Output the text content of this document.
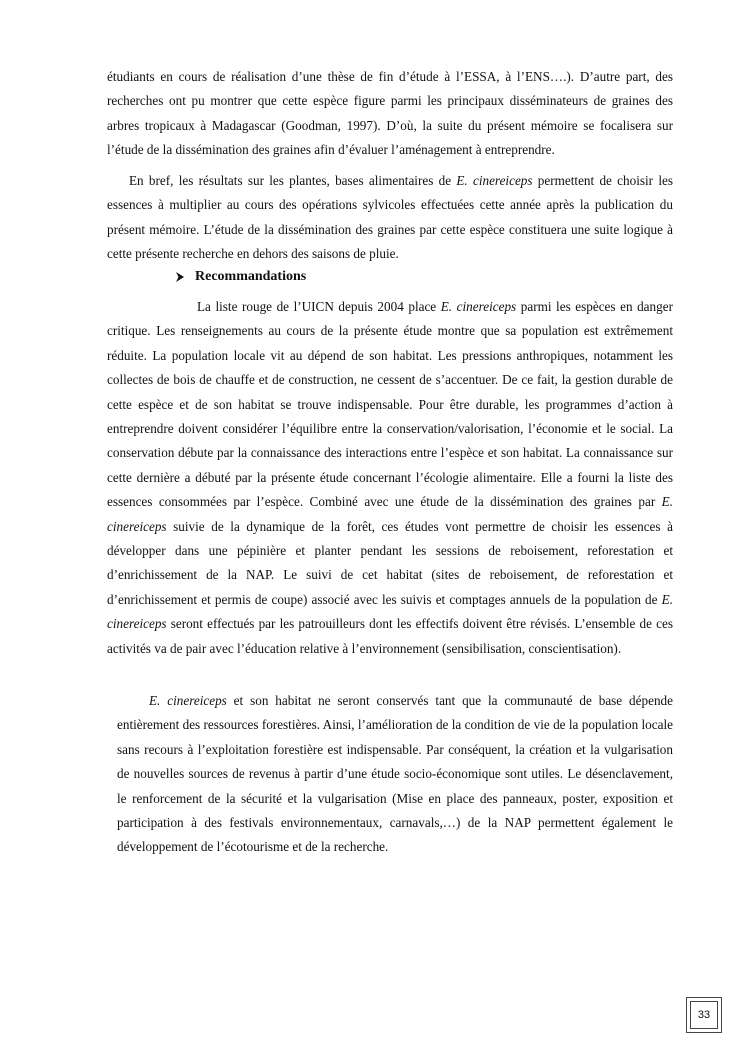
étudiants en cours de réalisation d’une thèse de fin d’étude à l’ESSA, à l’ENS….). D’autre part, des recherches ont pu montrer que cette espèce figure parmi les principaux disséminateurs de graines des arbres tropicaux à Madagascar (Goodman, 1997). D’où, la suite du présent mémoire se focalisera sur l’étude de la dissémination des graines afin d’évaluer l’aménagement à entreprendre.

En bref, les résultats sur les plantes, bases alimentaires de E. cinereiceps permettent de choisir les essences à multiplier au cours des opérations sylvicoles effectuées cette année après la publication du présent mémoire. L’étude de la dissémination des graines par cette espèce constituera une suite logique à cette présente recherche en dehors des saisons de pluie.

Recommandations

La liste rouge de l’UICN depuis 2004 place E. cinereiceps parmi les espèces en danger critique. Les renseignements au cours de la présente étude montre que sa population est extrêmement réduite. La population locale vit au dépend de son habitat. Les pressions anthropiques, notamment les collectes de bois de chauffe et de construction, ne cessent de s’accentuer. De ce fait, la gestion durable de cette espèce et de son habitat se trouve indispensable. Pour être durable, les programmes d’action à entreprendre doivent considérer l’équilibre entre la conservation/valorisation, l’économie et le social. La conservation débute par la connaissance des interactions entre l’espèce et son habitat. La connaissance sur cette dernière a débuté par la présente étude concernant l’écologie alimentaire. Elle a fourni la liste des essences consommées par l’espèce. Combiné avec une étude de la dissémination des graines par E. cinereiceps suivie de la dynamique de la forêt, ces études vont permettre de choisir les essences à développer dans une pépinière et planter pendant les sessions de reboisement, reforestation et d’enrichissement de la NAP. Le suivi de cet habitat (sites de reboisement, de reforestation et d’enrichissement et permis de coupe) associé avec les suivis et comptages annuels de la population de E. cinereiceps seront effectués par les patrouilleurs dont les effectifs doivent être révisés. L’ensemble de ces activités va de pair avec l’éducation relative à l’environnement (sensibilisation, conscientisation).

E. cinereiceps et son habitat ne seront conservés tant que la communauté de base dépende entièrement des ressources forestières. Ainsi, l’amélioration de la condition de vie de la population locale sans recours à l’exploitation forestière est indispensable. Par conséquent, la création et la vulgarisation de nouvelles sources de revenus à partir d’une étude socio-économique sont utiles. Le désenclavement, le renforcement de la sécurité et la vulgarisation (Mise en place des panneaux, poster, exposition et participation à des festivals environnementaux, carnavals,…) de la NAP permettent également le développement de l’écotourisme et de la recherche.

33
